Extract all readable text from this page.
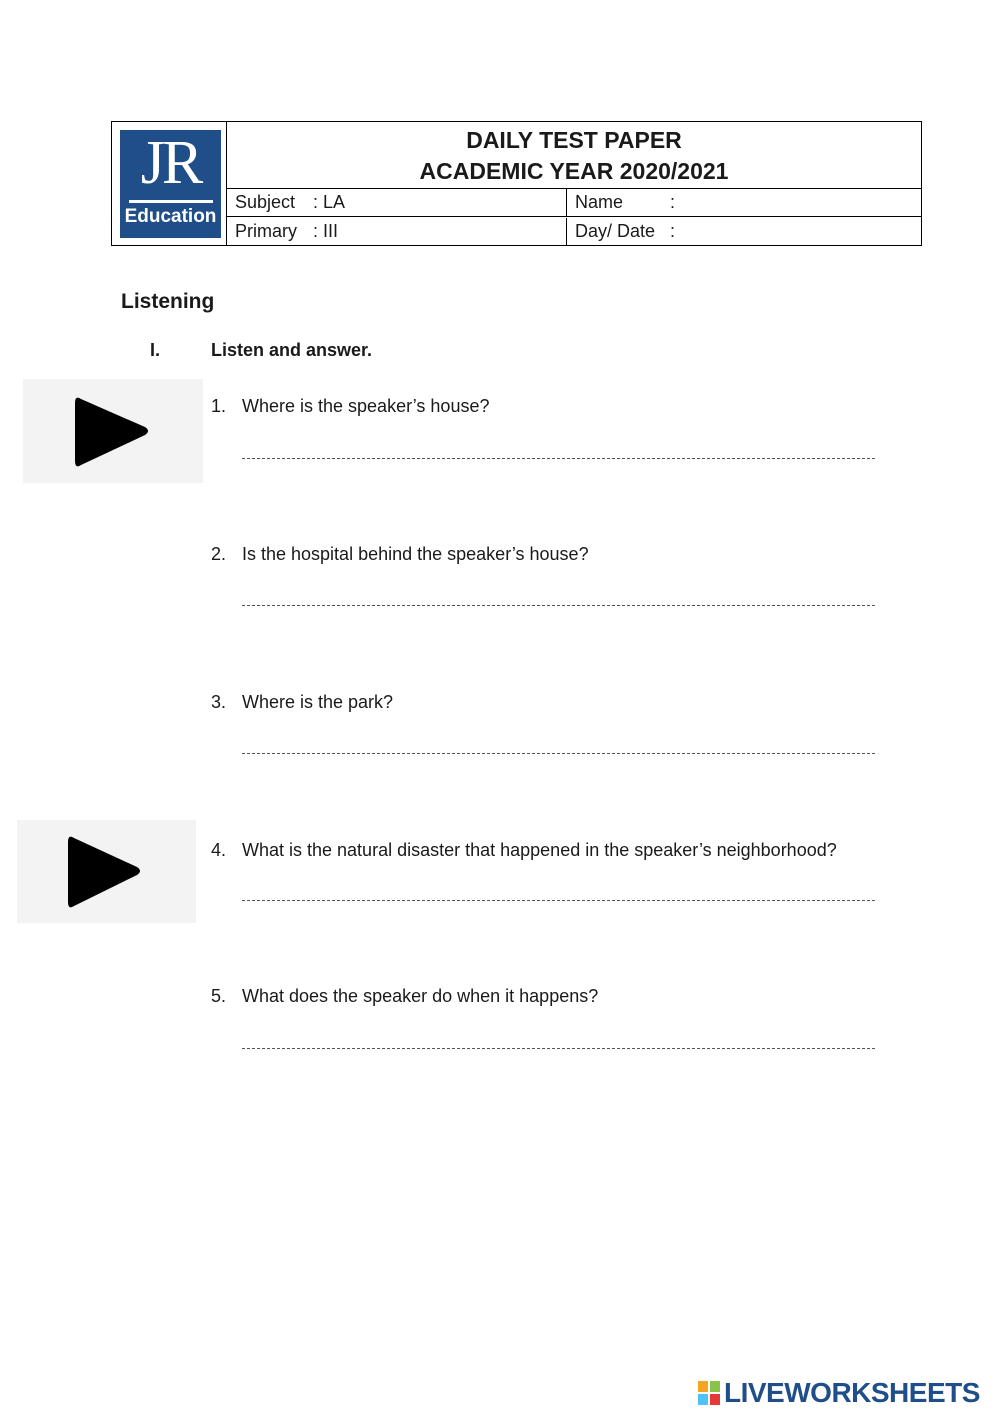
JR
Education
DAILY TEST PAPER
ACADEMIC YEAR 2020/2021
Subject : LA	Name	:
Primary : III	Day/ Date :
Listening
I.	Listen and answer.
1. Where is the speaker’s house?
2. Is the hospital behind the speaker’s house?
3. Where is the park?
4. What is the natural disaster that happened in the speaker’s neighborhood?
5. What does the speaker do when it happens?
LIVEWORKSHEETS
